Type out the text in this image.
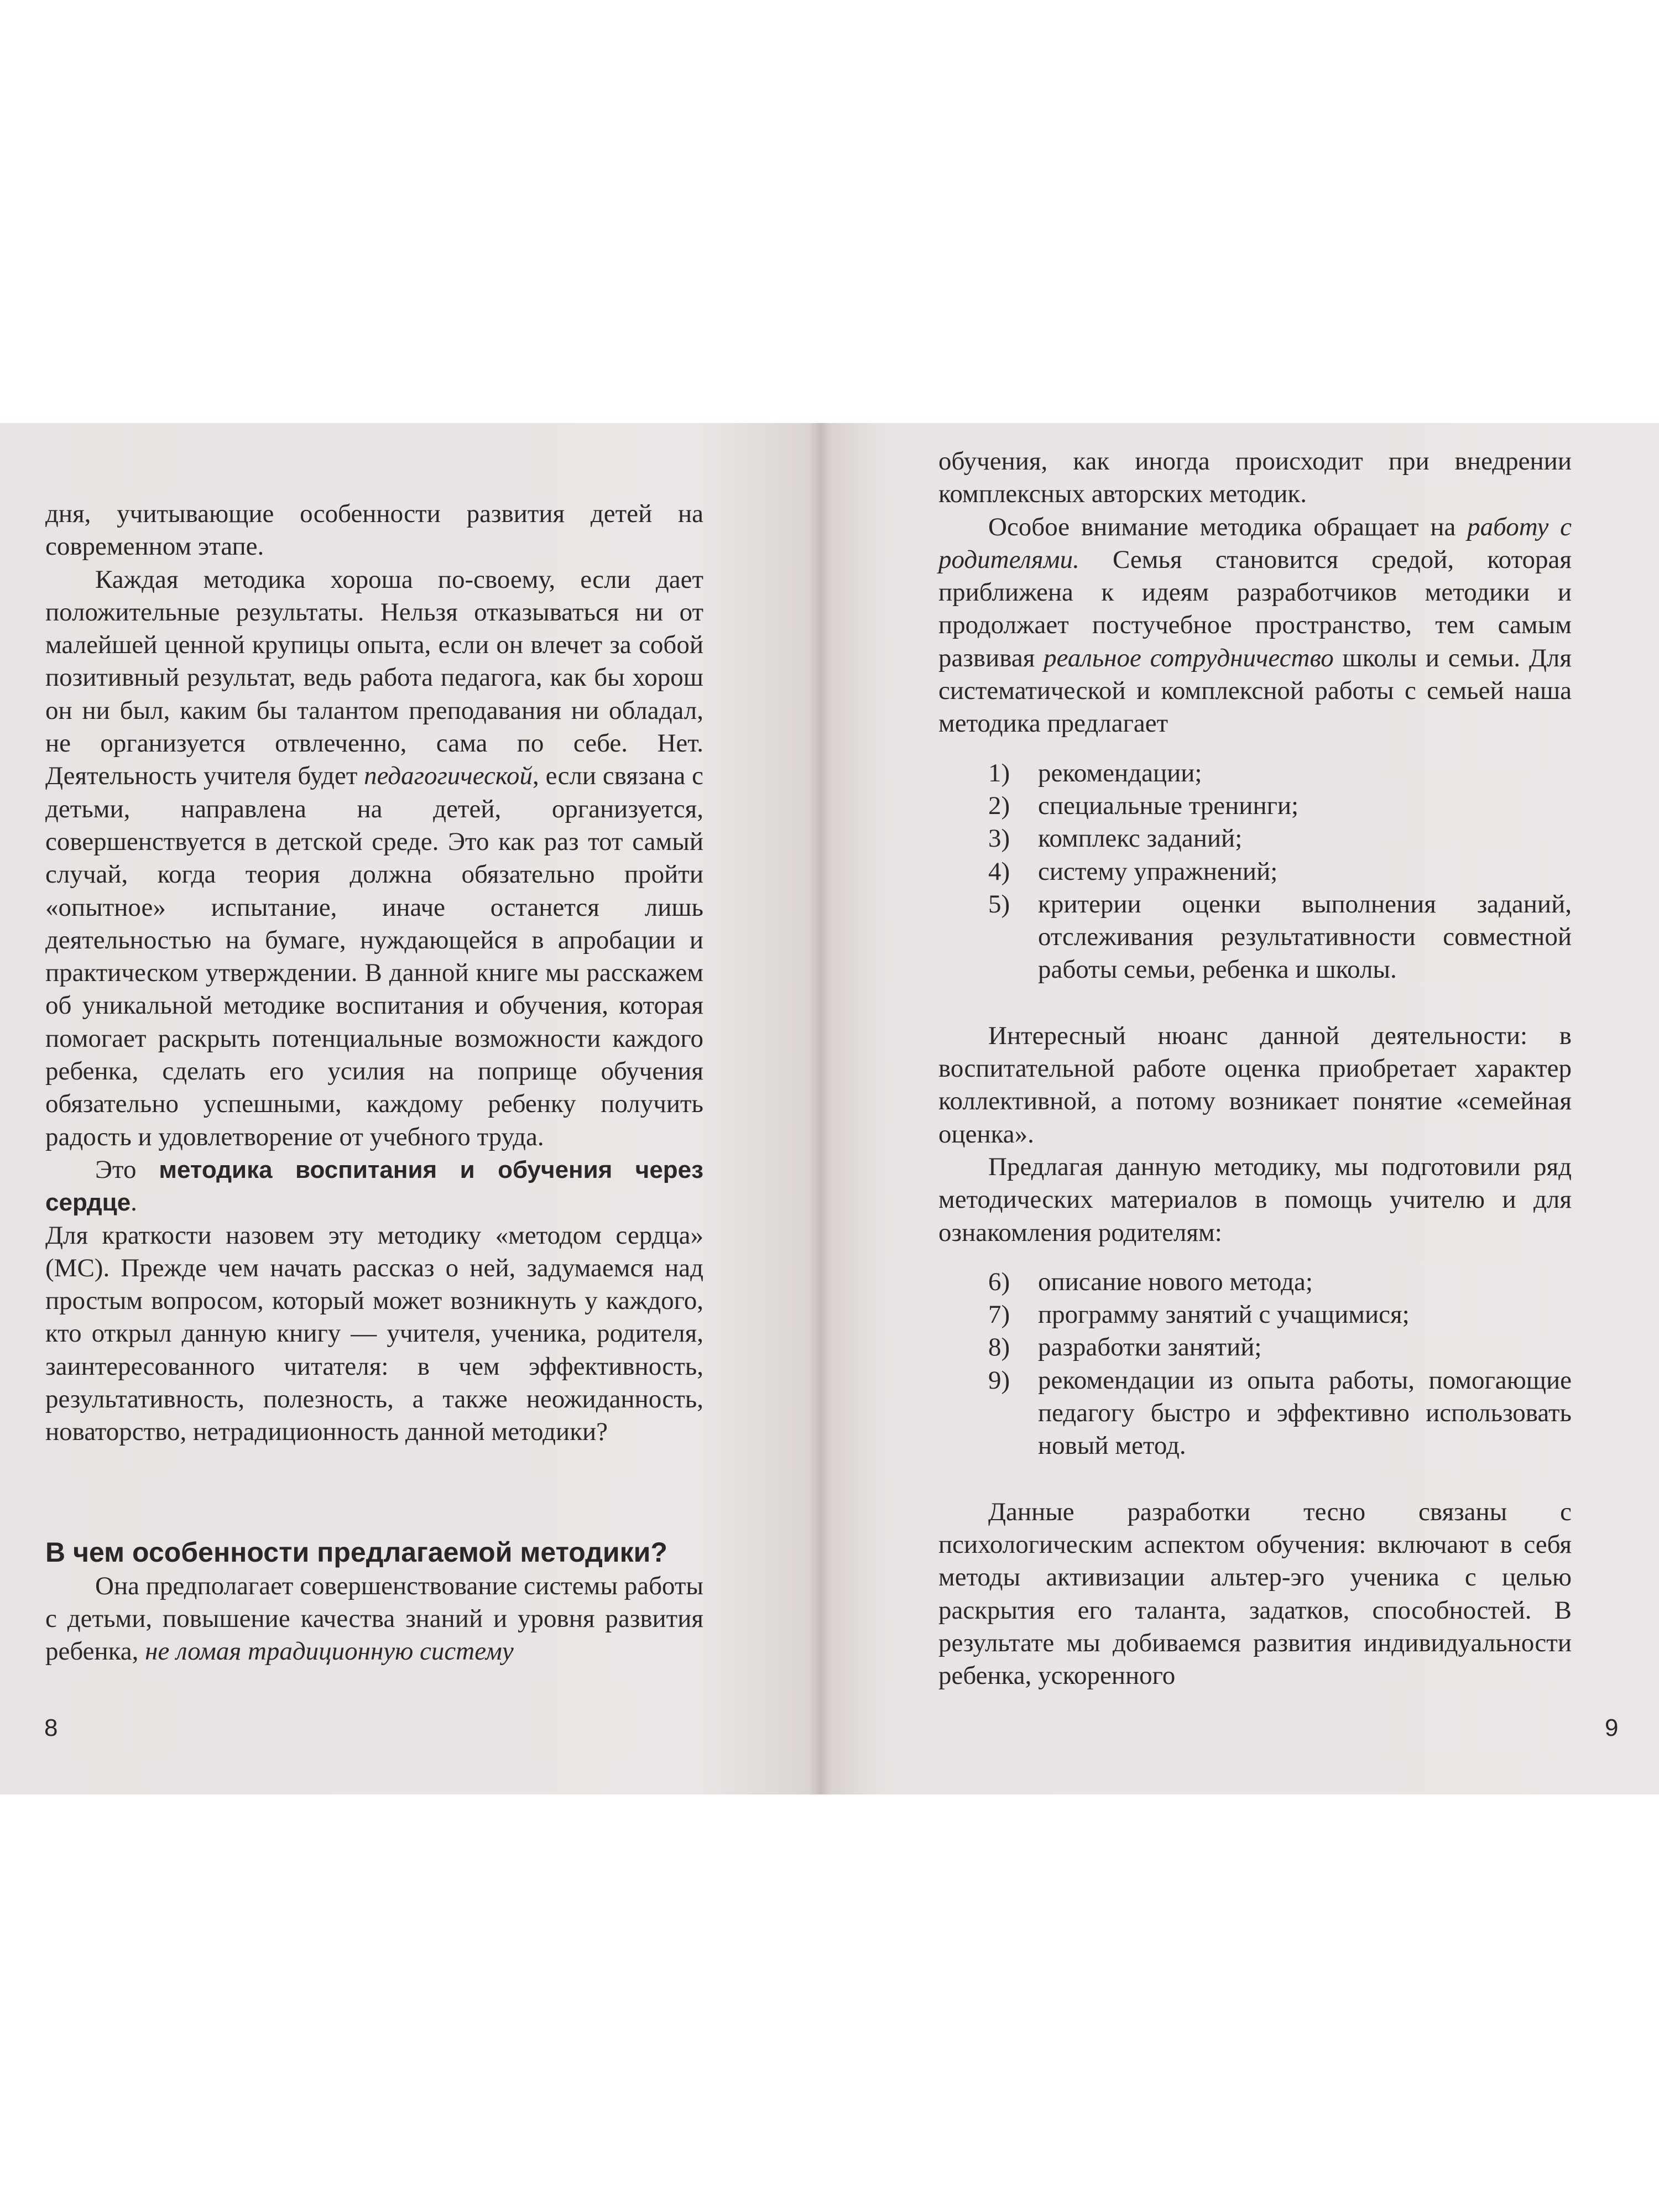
дня, учитывающие особенности развития детей на современном этапе.

Каждая методика хороша по-своему, если дает положительные результаты. Нельзя отказываться ни от малейшей ценной крупицы опыта, если он влечет за собой позитивный результат, ведь работа педагога, как бы хорош он ни был, каким бы талантом преподавания ни обладал, не организуется отвлеченно, сама по себе. Нет. Деятельность учителя будет педагогической, если связана с детьми, направлена на детей, организуется, совершенствуется в детской среде. Это как раз тот самый случай, когда теория должна обязательно пройти «опытное» испытание, иначе останется лишь деятельностью на бумаге, нуждающейся в апробации и практическом утверждении. В данной книге мы расскажем об уникальной методике воспитания и обучения, которая помогает раскрыть потенциальные возможности каждого ребенка, сделать его усилия на поприще обучения обязательно успешными, каждому ребенку получить радость и удовлетворение от учебного труда.

Это методика воспитания и обучения через сердце.

Для краткости назовем эту методику «методом сердца» (МС). Прежде чем начать рассказ о ней, задумаемся над простым вопросом, который может возникнуть у каждого, кто открыл данную книгу — учителя, ученика, родителя, заинтересованного читателя: в чем эффективность, результативность, полезность, а также неожиданность, новаторство, нетрадиционность данной методики?

В чем особенности предлагаемой методики?

Она предполагает совершенствование системы работы с детьми, повышение качества знаний и уровня развития ребенка, не ломая традиционную систему

8

обучения, как иногда происходит при внедрении комплексных авторских методик.

Особое внимание методика обращает на работу с родителями. Семья становится средой, которая приближена к идеям разработчиков методики и продолжает постучебное пространство, тем самым развивая реальное сотрудничество школы и семьи. Для систематической и комплексной работы с семьей наша методика предлагает

1)	рекомендации;
2)	специальные тренинги;
3)	комплекс заданий;
4)	систему упражнений;
5)	критерии оценки выполнения заданий, отслеживания результативности совместной работы семьи, ребенка и школы.

Интересный нюанс данной деятельности: в воспитательной работе оценка приобретает характер коллективной, а потому возникает понятие «семейная оценка».

Предлагая данную методику, мы подготовили ряд методических материалов в помощь учителю и для ознакомления родителям:

6)	описание нового метода;
7)	программу занятий с учащимися;
8)	разработки занятий;
9)	рекомендации из опыта работы, помогающие педагогу быстро и эффективно использовать новый метод.

Данные разработки тесно связаны с психологическим аспектом обучения: включают в себя методы активизации альтер-эго ученика с целью раскрытия его таланта, задатков, способностей. В результате мы добиваемся развития индивидуальности ребенка, ускоренного

9
